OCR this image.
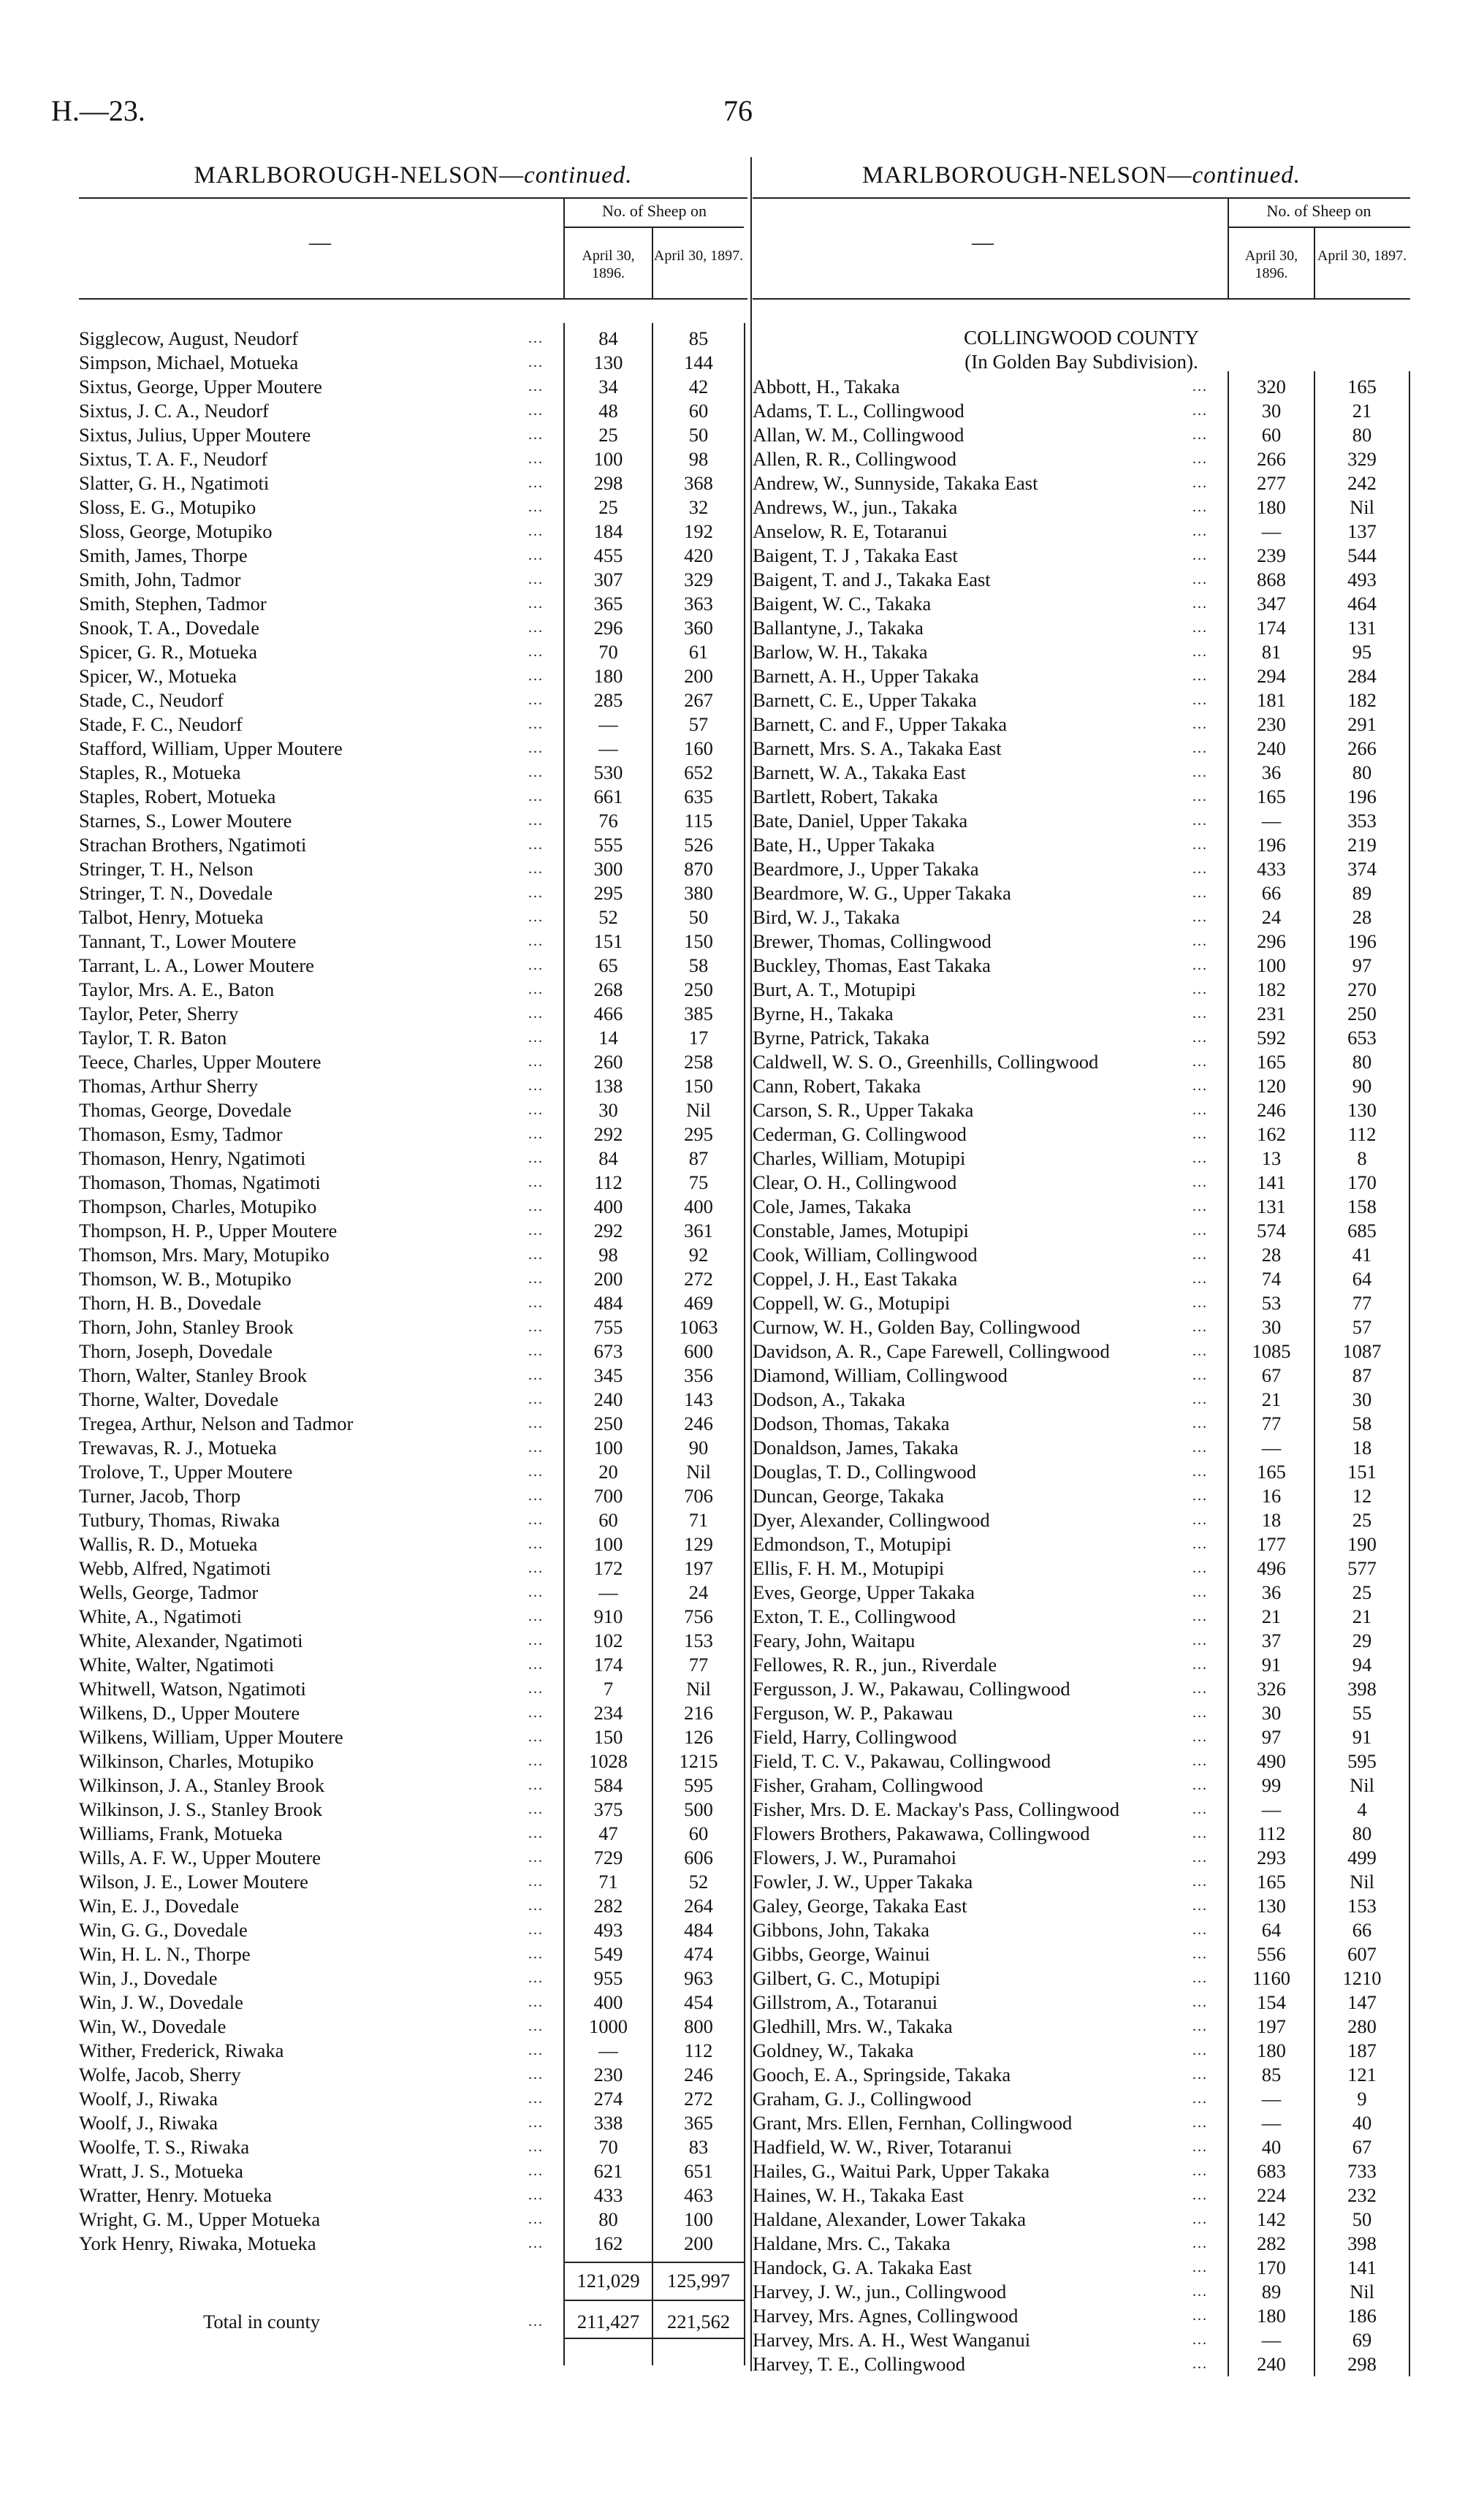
H.—23.	76
MARLBOROUGH-NELSON—continued.
—
No. of Sheep on
April 30, 1896.
April 30, 1897.
Sigglecow, August, Neudorf	...	84	85
Simpson, Michael, Motueka	...	130	144
Sixtus, George, Upper Moutere	...	34	42
Sixtus, J. C. A., Neudorf	...	48	60
Sixtus, Julius, Upper Moutere	...	25	50
Sixtus, T. A. F., Neudorf	...	100	98
Slatter, G. H., Ngatimoti	...	298	368
Sloss, E. G., Motupiko	...	25	32
Sloss, George, Motupiko	...	184	192
Smith, James, Thorpe	...	455	420
Smith, John, Tadmor	...	307	329
Smith, Stephen, Tadmor	...	365	363
Snook, T. A., Dovedale	...	296	360
Spicer, G. R., Motueka	...	70	61
Spicer, W., Motueka	...	180	200
Stade, C., Neudorf	...	285	267
Stade, F. C., Neudorf	...	—	57
Stafford, William, Upper Moutere	...	—	160
Staples, R., Motueka	...	530	652
Staples, Robert, Motueka	...	661	635
Starnes, S., Lower Moutere	...	76	115
Strachan Brothers, Ngatimoti	...	555	526
Stringer, T. H., Nelson	...	300	870
Stringer, T. N., Dovedale	...	295	380
Talbot, Henry, Motueka	...	52	50
Tannant, T., Lower Moutere	...	151	150
Tarrant, L. A., Lower Moutere	...	65	58
Taylor, Mrs. A. E., Baton	...	268	250
Taylor, Peter, Sherry	...	466	385
Taylor, T. R. Baton	...	14	17
Teece, Charles, Upper Moutere	...	260	258
Thomas, Arthur Sherry	...	138	150
Thomas, George, Dovedale	...	30	Nil
Thomason, Esmy, Tadmor	...	292	295
Thomason, Henry, Ngatimoti	...	84	87
Thomason, Thomas, Ngatimoti	...	112	75
Thompson, Charles, Motupiko	...	400	400
Thompson, H. P., Upper Moutere	...	292	361
Thomson, Mrs. Mary, Motupiko	...	98	92
Thomson, W. B., Motupiko	...	200	272
Thorn, H. B., Dovedale	...	484	469
Thorn, John, Stanley Brook	...	755	1063
Thorn, Joseph, Dovedale	...	673	600
Thorn, Walter, Stanley Brook	...	345	356
Thorne, Walter, Dovedale	...	240	143
Tregea, Arthur, Nelson and Tadmor	...	250	246
Trewavas, R. J., Motueka	...	100	90
Trolove, T., Upper Moutere	...	20	Nil
Turner, Jacob, Thorp	...	700	706
Tutbury, Thomas, Riwaka	...	60	71
Wallis, R. D., Motueka	...	100	129
Webb, Alfred, Ngatimoti	...	172	197
Wells, George, Tadmor	...	—	24
White, A., Ngatimoti	...	910	756
White, Alexander, Ngatimoti	...	102	153
White, Walter, Ngatimoti	...	174	77
Whitwell, Watson, Ngatimoti	...	7	Nil
Wilkens, D., Upper Moutere	...	234	216
Wilkens, William, Upper Moutere	...	150	126
Wilkinson, Charles, Motupiko	...	1028	1215
Wilkinson, J. A., Stanley Brook	...	584	595
Wilkinson, J. S., Stanley Brook	...	375	500
Williams, Frank, Motueka	...	47	60
Wills, A. F. W., Upper Moutere	...	729	606
Wilson, J. E., Lower Moutere	...	71	52
Win, E. J., Dovedale	...	282	264
Win, G. G., Dovedale	...	493	484
Win, H. L. N., Thorpe	...	549	474
Win, J., Dovedale	...	955	963
Win, J. W., Dovedale	...	400	454
Win, W., Dovedale	...	1000	800
Wither, Frederick, Riwaka	...	—	112
Wolfe, Jacob, Sherry	...	230	246
Woolf, J., Riwaka	...	274	272
Woolf, J., Riwaka	...	338	365
Woolfe, T. S., Riwaka	...	70	83
Wratt, J. S., Motueka	...	621	651
Wratter, Henry. Motueka	...	433	463
Wright, G. M., Upper Motueka	...	80	100
York Henry, Riwaka, Motueka	...	162	200
121,029	125,997
Total in county	...	211,427	221,562
MARLBOROUGH-NELSON—continued.
—
No. of Sheep on
April 30, 1896.
April 30, 1897.
COLLINGWOOD COUNTY
(In Golden Bay Subdivision).
Abbott, H., Takaka	...	320	165
Adams, T. L., Collingwood	...	30	21
Allan, W. M., Collingwood	...	60	80
Allen, R. R., Collingwood	...	266	329
Andrew, W., Sunnyside, Takaka East	...	277	242
Andrews, W., jun., Takaka	...	180	Nil
Anselow, R. E, Totaranui	...	—	137
Baigent, T. J , Takaka East	...	239	544
Baigent, T. and J., Takaka East	...	868	493
Baigent, W. C., Takaka	...	347	464
Ballantyne, J., Takaka	...	174	131
Barlow, W. H., Takaka	...	81	95
Barnett, A. H., Upper Takaka	...	294	284
Barnett, C. E., Upper Takaka	...	181	182
Barnett, C. and F., Upper Takaka	...	230	291
Barnett, Mrs. S. A., Takaka East	...	240	266
Barnett, W. A., Takaka East	...	36	80
Bartlett, Robert, Takaka	...	165	196
Bate, Daniel, Upper Takaka	...	—	353
Bate, H., Upper Takaka	...	196	219
Beardmore, J., Upper Takaka	...	433	374
Beardmore, W. G., Upper Takaka	...	66	89
Bird, W. J., Takaka	...	24	28
Brewer, Thomas, Collingwood	...	296	196
Buckley, Thomas, East Takaka	...	100	97
Burt, A. T., Motupipi	...	182	270
Byrne, H., Takaka	...	231	250
Byrne, Patrick, Takaka	...	592	653
Caldwell, W. S. O., Greenhills, Collingwood	...	165	80
Cann, Robert, Takaka	...	120	90
Carson, S. R., Upper Takaka	...	246	130
Cederman, G. Collingwood	...	162	112
Charles, William, Motupipi	...	13	8
Clear, O. H., Collingwood	...	141	170
Cole, James, Takaka	...	131	158
Constable, James, Motupipi	...	574	685
Cook, William, Collingwood	...	28	41
Coppel, J. H., East Takaka	...	74	64
Coppell, W. G., Motupipi	...	53	77
Curnow, W. H., Golden Bay, Collingwood	...	30	57
Davidson, A. R., Cape Farewell, Collingwood	...	1085	1087
Diamond, William, Collingwood	...	67	87
Dodson, A., Takaka	...	21	30
Dodson, Thomas, Takaka	...	77	58
Donaldson, James, Takaka	...	—	18
Douglas, T. D., Collingwood	...	165	151
Duncan, George, Takaka	...	16	12
Dyer, Alexander, Collingwood	...	18	25
Edmondson, T., Motupipi	...	177	190
Ellis, F. H. M., Motupipi	...	496	577
Eves, George, Upper Takaka	...	36	25
Exton, T. E., Collingwood	...	21	21
Feary, John, Waitapu	...	37	29
Fellowes, R. R., jun., Riverdale	...	91	94
Fergusson, J. W., Pakawau, Collingwood	...	326	398
Ferguson, W. P., Pakawau	...	30	55
Field, Harry, Collingwood	...	97	91
Field, T. C. V., Pakawau, Collingwood	...	490	595
Fisher, Graham, Collingwood	...	99	Nil
Fisher, Mrs. D. E. Mackay's Pass, Collingwood	...	—	4
Flowers Brothers, Pakawawa, Collingwood	...	112	80
Flowers, J. W., Puramahoi	...	293	499
Fowler, J. W., Upper Takaka	...	165	Nil
Galey, George, Takaka East	...	130	153
Gibbons, John, Takaka	...	64	66
Gibbs, George, Wainui	...	556	607
Gilbert, G. C., Motupipi	...	1160	1210
Gillstrom, A., Totaranui	...	154	147
Gledhill, Mrs. W., Takaka	...	197	280
Goldney, W., Takaka	...	180	187
Gooch, E. A., Springside, Takaka	...	85	121
Graham, G. J., Collingwood	...	—	9
Grant, Mrs. Ellen, Fernhan, Collingwood	...	—	40
Hadfield, W. W., River, Totaranui	...	40	67
Hailes, G., Waitui Park, Upper Takaka	...	683	733
Haines, W. H., Takaka East	...	224	232
Haldane, Alexander, Lower Takaka	...	142	50
Haldane, Mrs. C., Takaka	...	282	398
Handock, G. A. Takaka East	...	170	141
Harvey, J. W., jun., Collingwood	...	89	Nil
Harvey, Mrs. Agnes, Collingwood	...	180	186
Harvey, Mrs. A. H., West Wanganui	...	—	69
Harvey, T. E., Collingwood	...	240	298
